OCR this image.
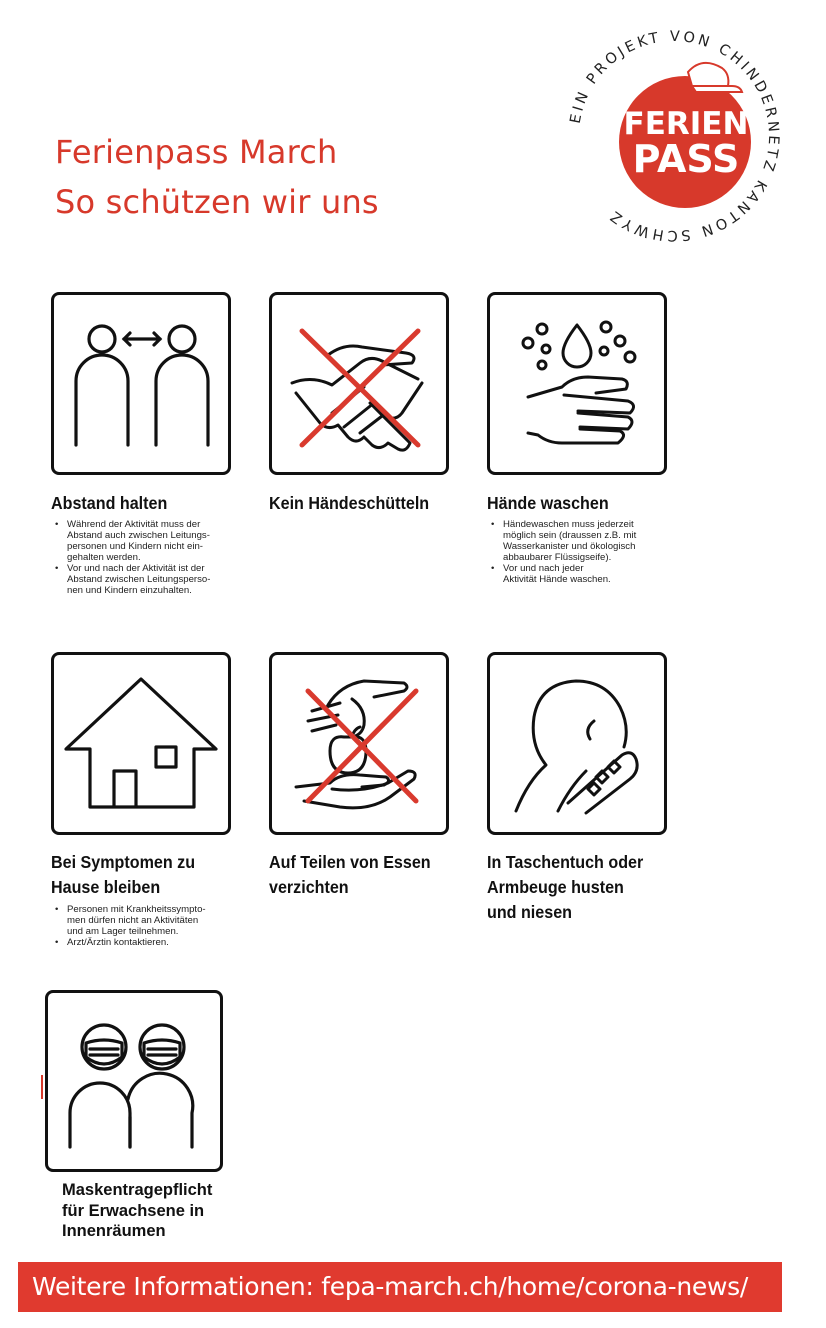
Ferienpass March
So schützen wir uns
EIN PROJEKT VON CHINDERNETZ KANTON SCHWYZ
FERIEN
PASS
Abstand halten
• Während der Aktivität muss der
Abstand auch zwischen Leitungs-
personen und Kindern nicht ein-
gehalten werden.
• Vor und nach der Aktivität ist der
Abstand zwischen Leitungsperso-
nen und Kindern einzuhalten.
Kein Händeschütteln	Hände waschen
• Händewaschen muss jederzeit
möglich sein (draussen z.B. mit
Wasserkanister und ökologisch
abbaubarer Flüssigseife).
• Vor und nach jeder
Aktivität Hände waschen.
Bei Symptomen zu
Hause bleiben
• Personen mit Krankheitssympto-
men dürfen nicht an Aktivitäten
und am Lager teilnehmen.
• Arzt/Ärztin kontaktieren.
Auf Teilen von Essen
verzichten
In Taschentuch oder
Armbeuge husten
und niesen
Maskentragepflicht
für Erwachsene in
Innenräumen
Weitere Informationen: fepa-march.ch/home/corona-news/
